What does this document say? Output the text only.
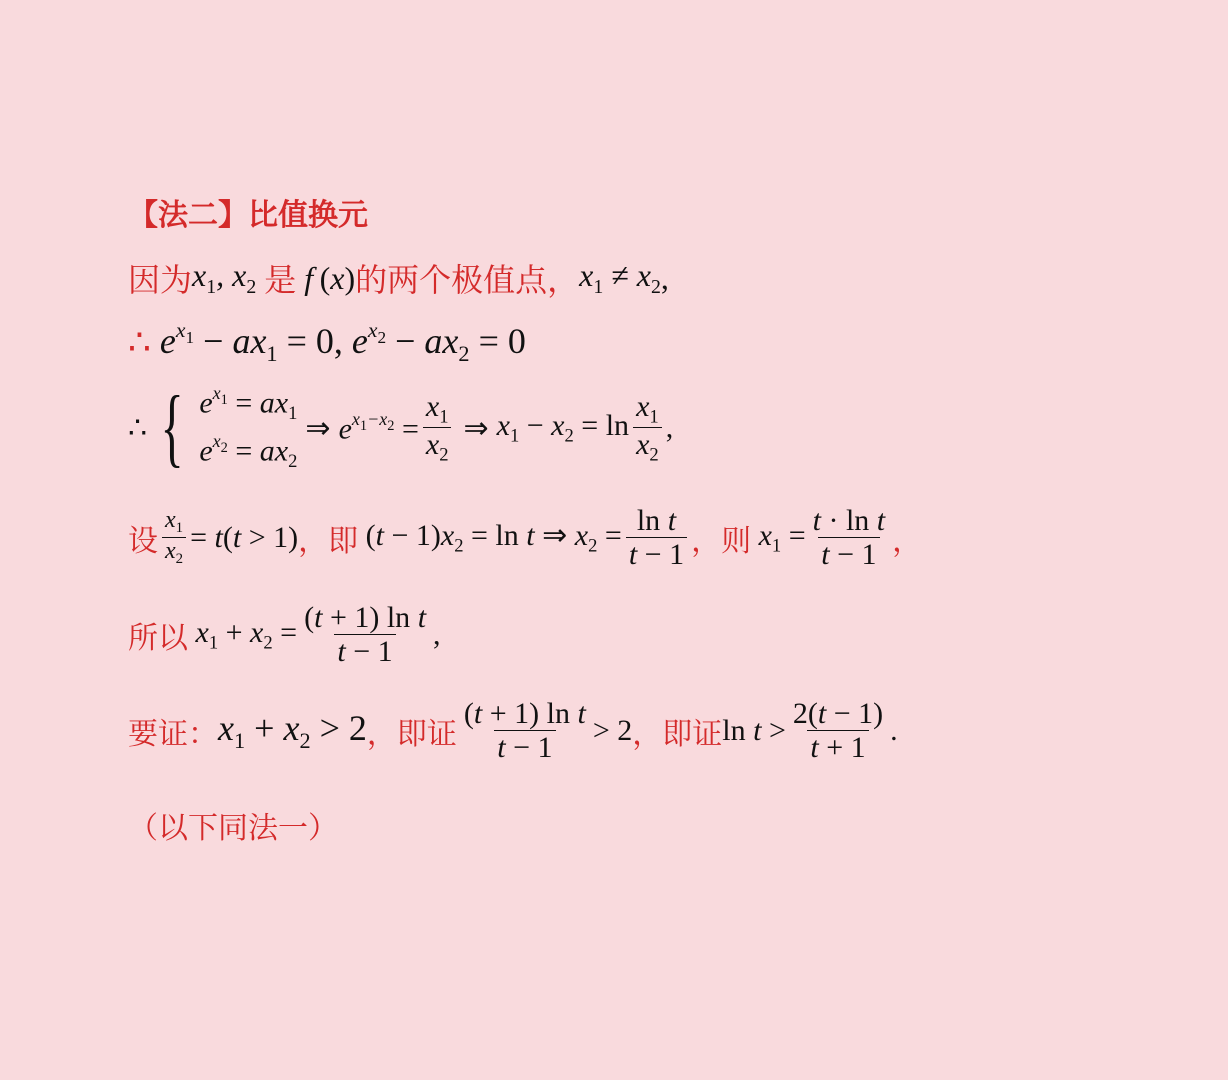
【法二】比值换元
因为 $x_1$, $x_2$ 是 f (x) 的两个极值点， $x_1 \ne x_2$ ,
∴ $e^{x_1} - ax_1 = 0$, $e^{x_2} - ax_2 = 0$
∴ { $e^{x_1} = ax_1$
$e^{x_2} = ax_2$
⇒ $e^{x_1-x_2} = \frac{x_1}{x_2}$ ⇒ $x_1 - x_2 = \ln \frac{x_1}{x_2}$ ,
设 $\frac{x_1}{x_2} = t(t > 1)$ ，即 $(t - 1)x_2 = \ln t$ ⇒ $x_2 = \frac{\text{ln t}}{t - 1}$ ，则 $x_1 = \frac{\text{t · ln t}}{t - 1}$ ，
所以 $x_1 + x_2 = \frac{\text{(t + 1) ln t}}{t - 1}$ ,
要证： $x_1 + x_2 > 2$ ，即证 $\frac{\text{(t + 1) ln t}}{t - 1} > 2$ ，即证 $\ln t > \frac{2(t - 1)}{t + 1}$ .
（以下同法一）
